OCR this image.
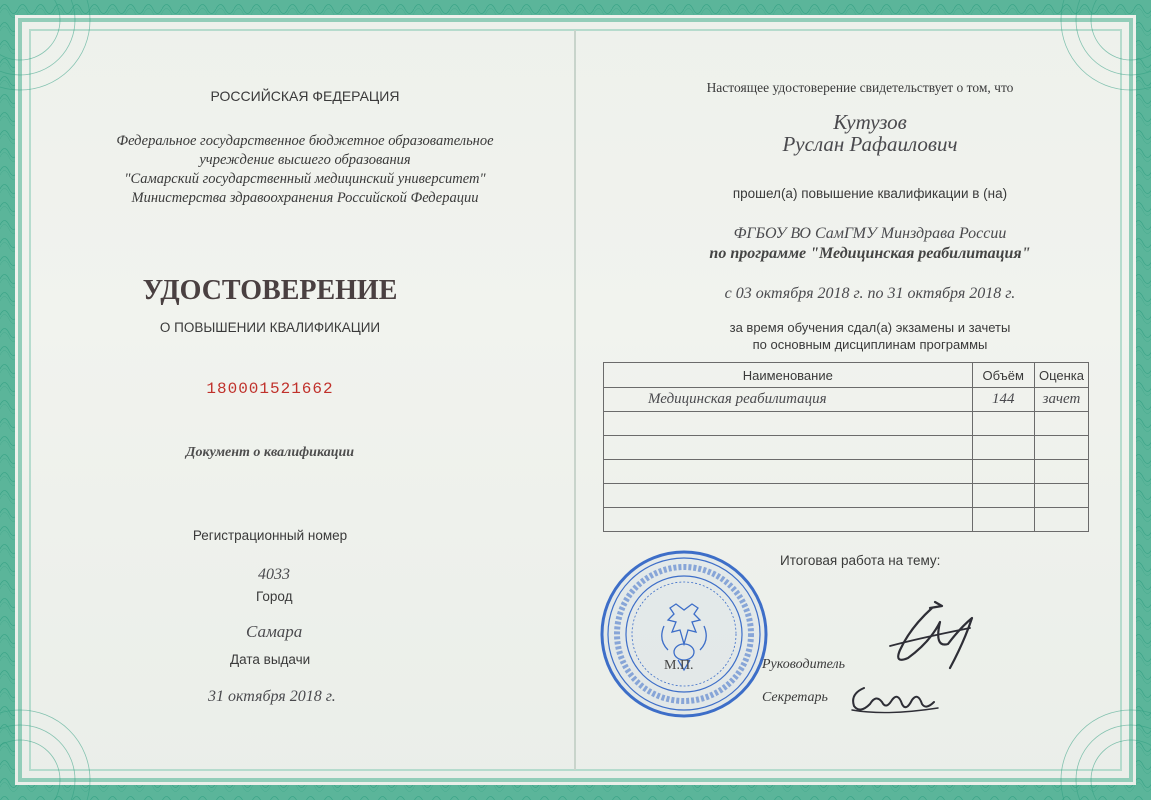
РОССИЙСКАЯ ФЕДЕРАЦИЯ
Федеральное государственное бюджетное образовательное
учреждение высшего образования
"Самарский государственный медицинский университет"
Министерства здравоохранения Российской Федерации
УДОСТОВЕРЕНИЕ
О ПОВЫШЕНИИ КВАЛИФИКАЦИИ
180001521662
Документ о квалификации
Регистрационный номер
4033
Город
Самара
Дата выдачи
31 октября 2018 г.
Настоящее удостоверение свидетельствует о том, что
Кутузов
Руслан Рафаилович
прошел(а) повышение квалификации в (на)
ФГБОУ ВО СамГМУ Минздрава России
по программе "Медицинская реабилитация"
с 03 октября 2018 г. по 31 октября 2018 г.
за время обучения сдал(а) экзамены и зачеты
по основным дисциплинам программы
Наименование	Объём	Оценка
Медицинская реабилитация	144	зачет

Итоговая работа на тему:
М.П.	Руководитель
Секретарь
